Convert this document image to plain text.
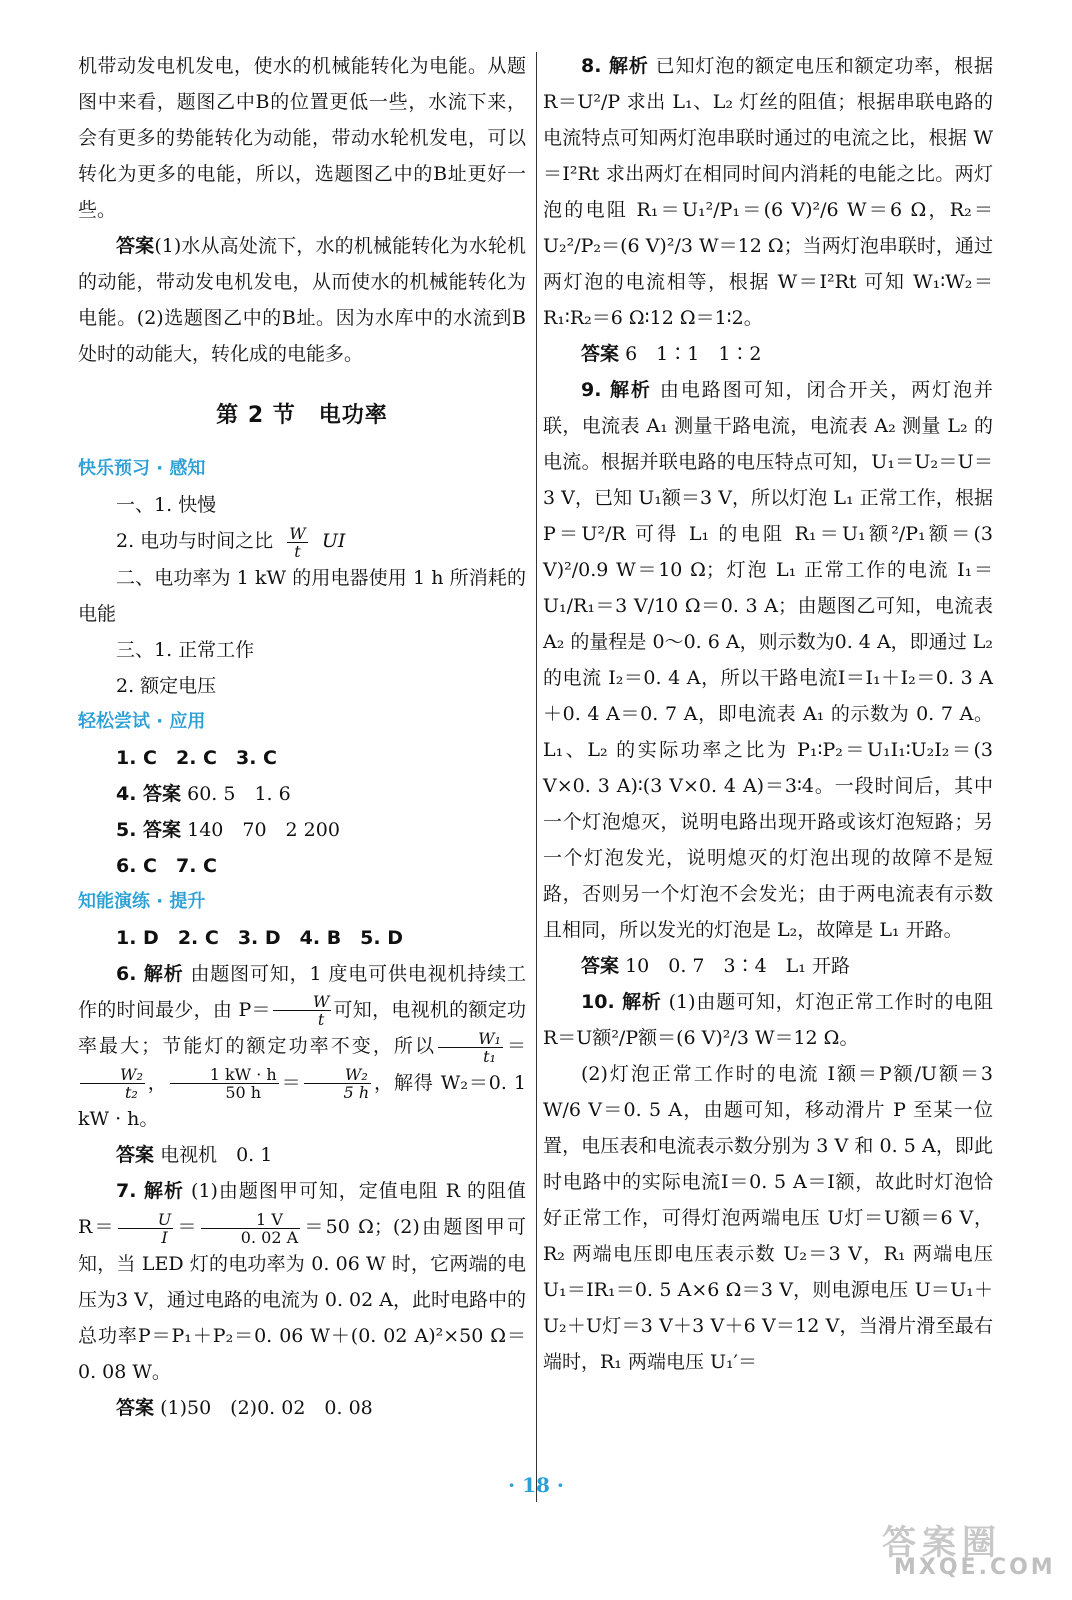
机带动发电机发电，使水的机械能转化为电能。从题图中来看，题图乙中B的位置更低一些，水流下来，会有更多的势能转化为动能，带动水轮机发电，可以转化为更多的电能，所以，选题图乙中的B址更好一些。

答案(1)水从高处流下，水的机械能转化为水轮机的动能，带动发电机发电，从而使水的机械能转化为电能。(2)选题图乙中的B址。因为水库中的水流到B处时的动能大，转化成的电能多。

第 2 节　电功率
快乐预习 · 感知

一、1. 快慢

2. 电功与时间之比 $\frac{W}{t}$ UI

二、电功率为 1 kW 的用电器使用 1 h 所消耗的电能

三、1. 正常工作

2. 额定电压

轻松尝试 · 应用

1. C　2. C　3. C

4. 答案 60. 5　1. 6

5. 答案 140　70　2 200

6. C　7. C

知能演练 · 提升

1. D　2. C　3. D　4. B　5. D

6. 解析 由题图可知，1 度电可供电视机持续工作的时间最少，由 $P= \frac{W}{t}$ 可知，电视机的额定功率最大；节能灯的额定功率不变，所以 $\frac{\text{W₁}}{\text{t₁}}$ ＝
$\frac{\text{W₂}}{\text{t₂}}$ ， $\frac{1 kW \cdot h}{50 h} = \frac{\text{W₂}}{5 h}$ ，解得 W₂＝0. 1 kW · h。

答案 电视机　0. 1

7. 解析 (1)由题图甲可知，定值电阻 R 的阻值 $R= \frac{U}{I} = \frac{1 V}{0. 02 A} =50$ Ω；(2)由题图甲可知，当 LED 灯的电功率为 0. 06 W 时，它两端的电压为3 V，通过电路的电流为 0. 02 A，此时电路中的总功率P＝P₁＋P₂＝0. 06 W＋(0. 02 A)²×50 Ω＝0. 08 W。

答案 (1)50　(2)0. 02　0. 08

8. 解析 已知灯泡的额定电压和额定功率，根据 R＝U²/P 求出 L₁、L₂ 灯丝的阻值；根据串联电路的电流特点可知两灯泡串联时通过的电流之比，根据 W＝I²Rt 求出两灯在相同时间内消耗的电能之比。两灯泡的电阻 R₁＝U₁²/P₁＝(6 V)²/6 W＝6 Ω，R₂＝U₂²/P₂＝(6 V)²/3 W＝12 Ω；当两灯泡串联时，通过两灯泡的电流相等，根据 W＝I²Rt 可知 W₁∶W₂＝R₁∶R₂＝6 Ω∶12 Ω＝1∶2。

答案 6　1∶1　1∶2

9. 解析 由电路图可知，闭合开关，两灯泡并联，电流表 A₁ 测量干路电流，电流表 A₂ 测量 L₂ 的电流。根据并联电路的电压特点可知，U₁＝U₂＝U＝3 V，已知 U₁额＝3 V，所以灯泡 L₁ 正常工作，根据P＝U²/R 可得 L₁ 的电阻 R₁＝U₁额²/P₁额＝(3 V)²/0.9 W＝10 Ω；灯泡 L₁ 正常工作的电流 I₁＝U₁/R₁＝3 V/10 Ω＝0. 3 A；由题图乙可知，电流表 A₂ 的量程是 0～0. 6 A，则示数为0. 4 A，即通过 L₂ 的电流 I₂＝0. 4 A，所以干路电流I＝I₁＋I₂＝0. 3 A＋0. 4 A＝0. 7 A，即电流表 A₁ 的示数为 0. 7 A。L₁、L₂ 的实际功率之比为 P₁∶P₂＝U₁I₁∶U₂I₂＝(3 V×0. 3 A)∶(3 V×0. 4 A)＝3∶4。一段时间后，其中一个灯泡熄灭，说明电路出现开路或该灯泡短路；另一个灯泡发光，说明熄灭的灯泡出现的故障不是短路，否则另一个灯泡不会发光；由于两电流表有示数且相同，所以发光的灯泡是 L₂，故障是 L₁ 开路。

答案 10　0. 7　3∶4　L₁ 开路

10. 解析 (1)由题可知，灯泡正常工作时的电阻 R＝U额²/P额＝(6 V)²/3 W＝12 Ω。

(2)灯泡正常工作时的电流 I额＝P额/U额＝3 W/6 V＝0. 5 A，由题可知，移动滑片 P 至某一位置，电压表和电流表示数分别为 3 V 和 0. 5 A，即此时电路中的实际电流I＝0. 5 A＝I额，故此时灯泡恰好正常工作，可得灯泡两端电压 U灯＝U额＝6 V，R₂ 两端电压即电压表示数 U₂＝3 V，R₁ 两端电压 U₁＝IR₁＝0. 5 A×6 Ω＝3 V，则电源电压 U＝U₁＋U₂＋U灯＝3 V＋3 V＋6 V＝12 V，当滑片滑至最右端时，R₁ 两端电压 U₁′＝

· 18 ·
答案圈
MXQE.COM
